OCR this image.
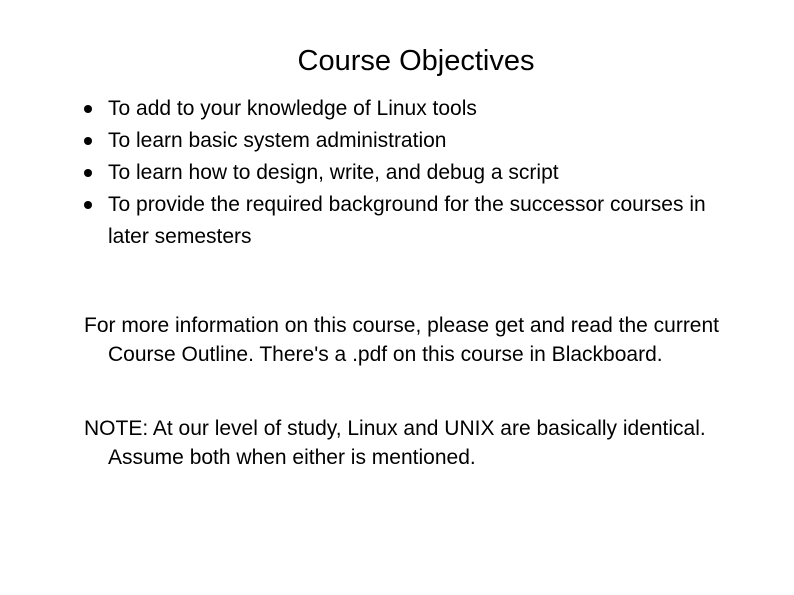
Course Objectives
To add to your knowledge of Linux tools
To learn basic system administration
To learn how to design, write, and debug a script
To provide the required background for the successor courses in later semesters

For more information on this course, please get and read the current Course Outline. There's a .pdf on this course in Blackboard.

NOTE: At our level of study, Linux and UNIX are basically identical. Assume both when either is mentioned.
